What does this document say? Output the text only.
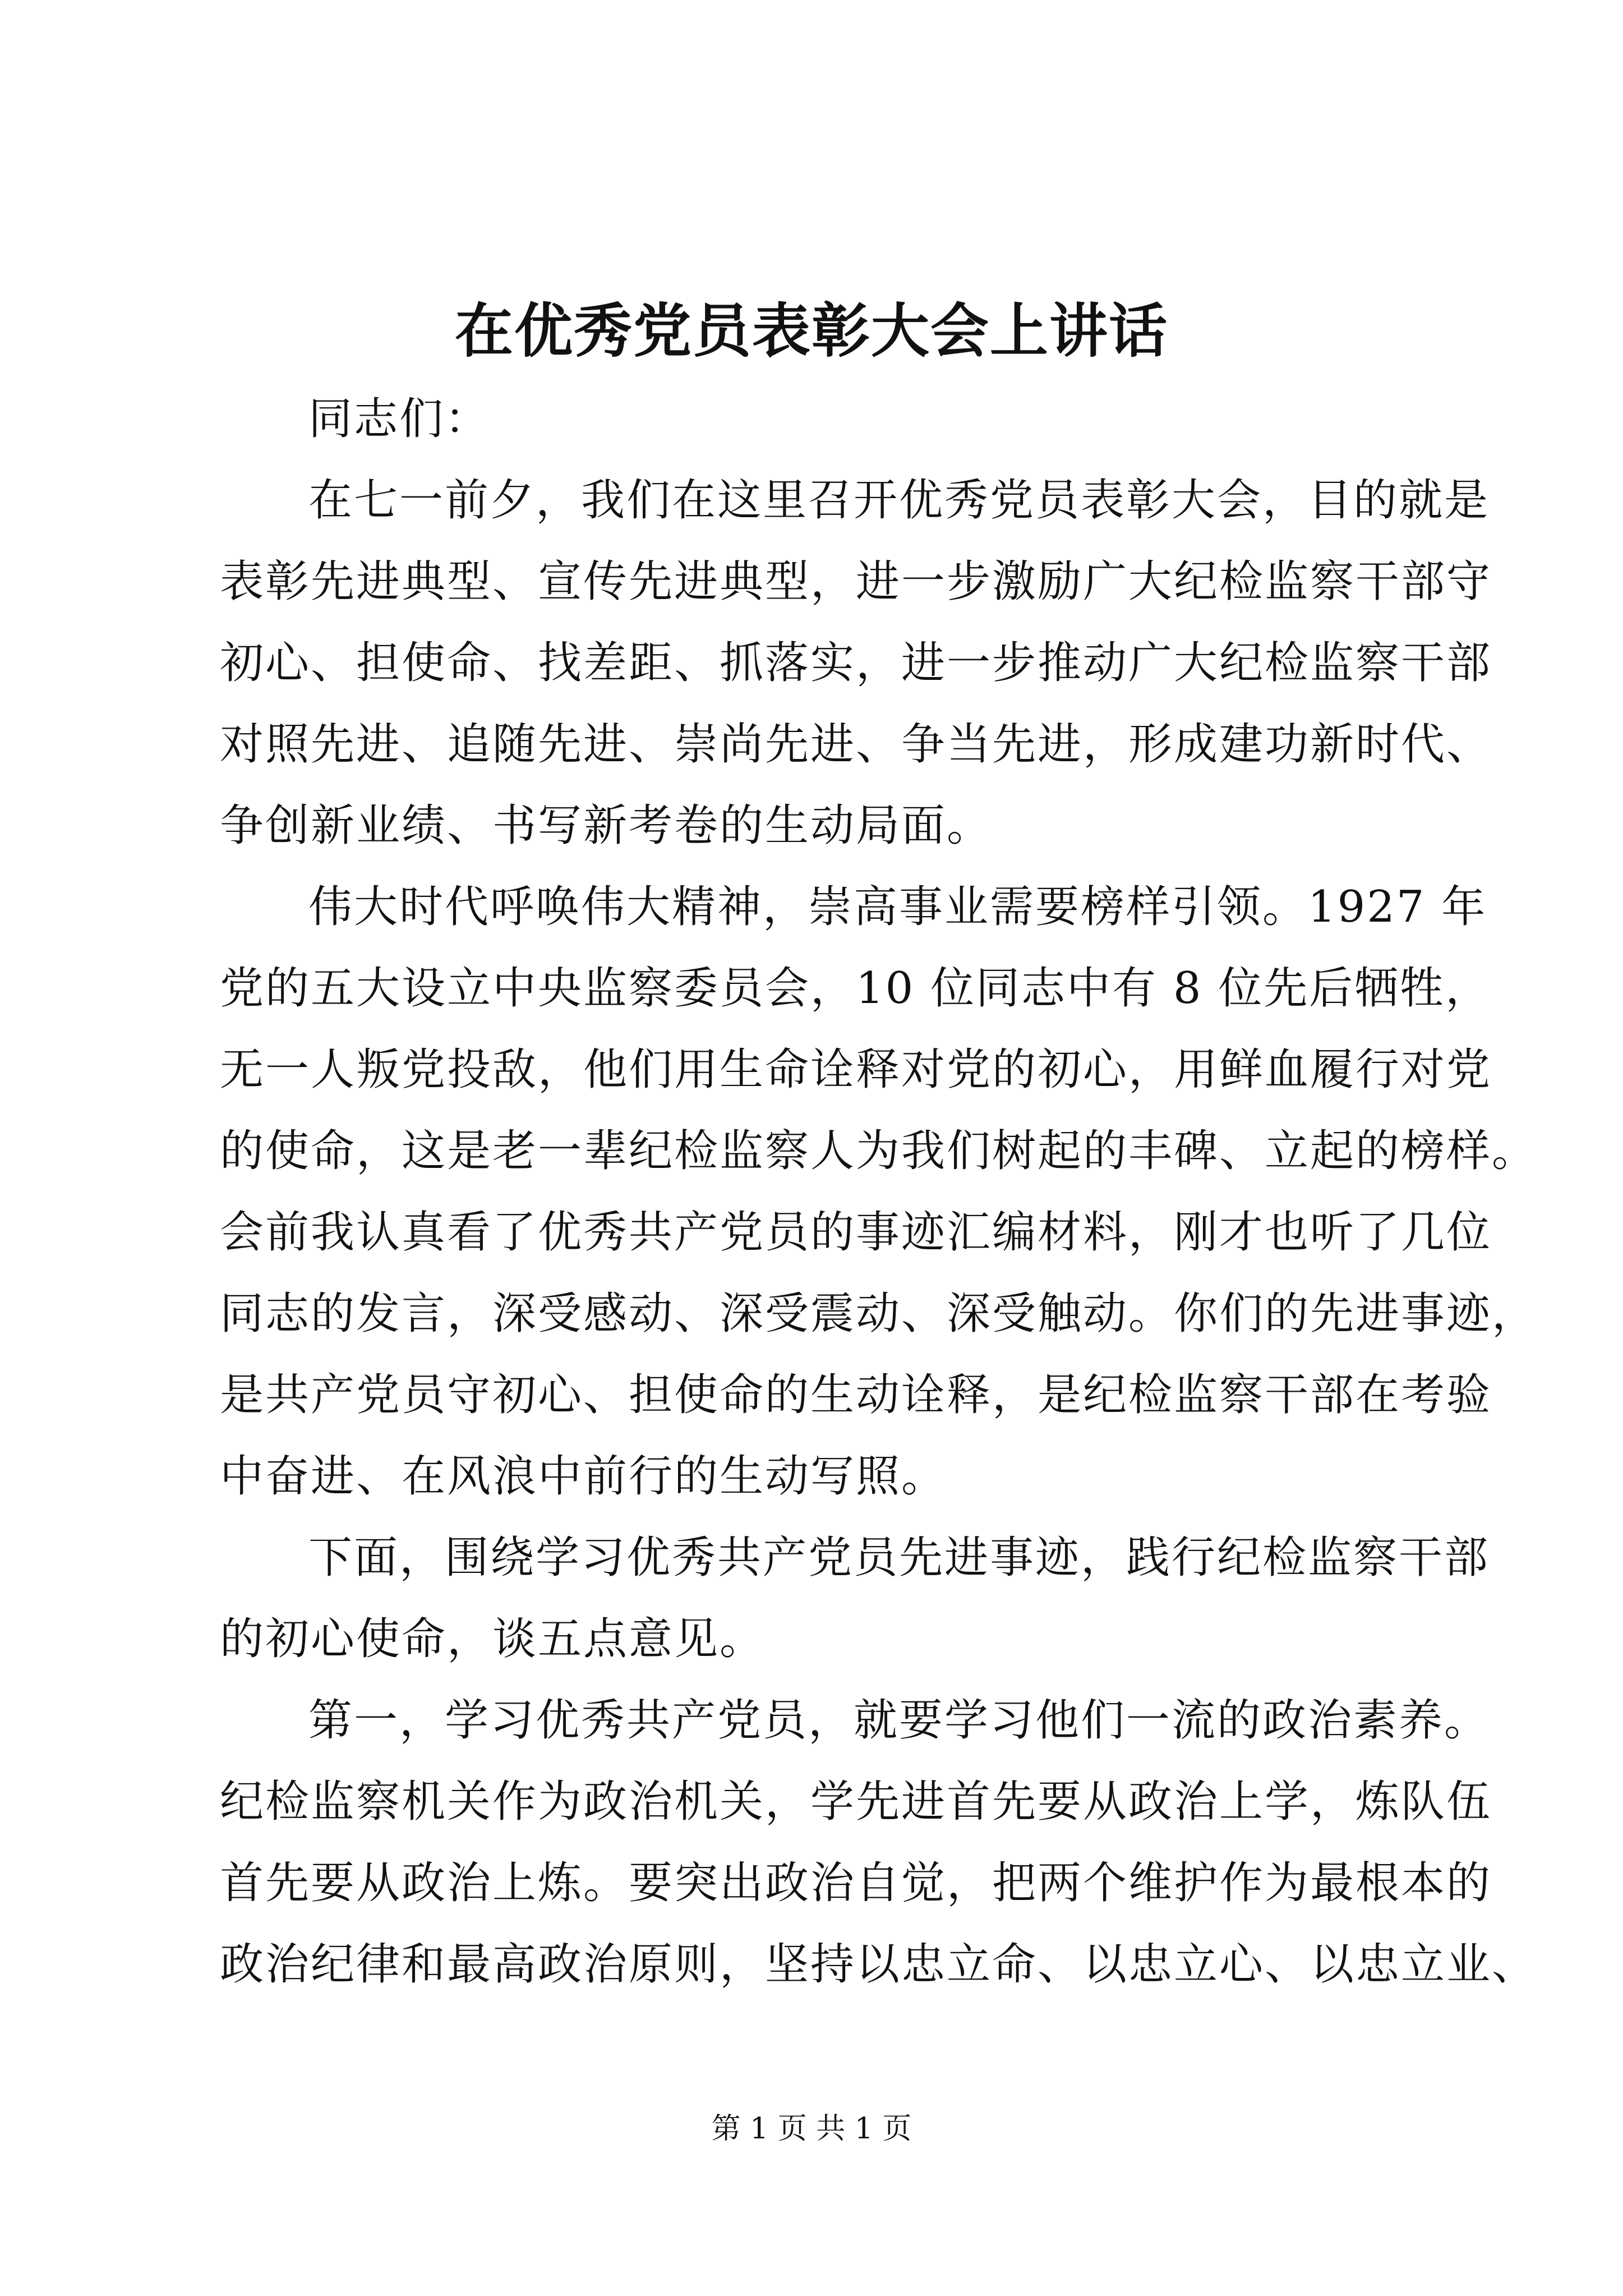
在优秀党员表彰大会上讲话
同志们：
在七一前夕，我们在这里召开优秀党员表彰大会，目的就是
表彰先进典型、宣传先进典型，进一步激励广大纪检监察干部守
初心、担使命、找差距、抓落实，进一步推动广大纪检监察干部
对照先进、追随先进、崇尚先进、争当先进，形成建功新时代、
争创新业绩、书写新考卷的生动局面。
伟大时代呼唤伟大精神，崇高事业需要榜样引领。1927 年
党的五大设立中央监察委员会，10 位同志中有 8 位先后牺牲，
无一人叛党投敌，他们用生命诠释对党的初心，用鲜血履行对党
的使命，这是老一辈纪检监察人为我们树起的丰碑、立起的榜样。
会前我认真看了优秀共产党员的事迹汇编材料，刚才也听了几位
同志的发言，深受感动、深受震动、深受触动。你们的先进事迹，
是共产党员守初心、担使命的生动诠释，是纪检监察干部在考验
中奋进、在风浪中前行的生动写照。
下面，围绕学习优秀共产党员先进事迹，践行纪检监察干部
的初心使命，谈五点意见。
第一，学习优秀共产党员，就要学习他们一流的政治素养。
纪检监察机关作为政治机关，学先进首先要从政治上学，炼队伍
首先要从政治上炼。要突出政治自觉，把两个维护作为最根本的
政治纪律和最高政治原则，坚持以忠立命、以忠立心、以忠立业、
第 1 页 共 1 页
